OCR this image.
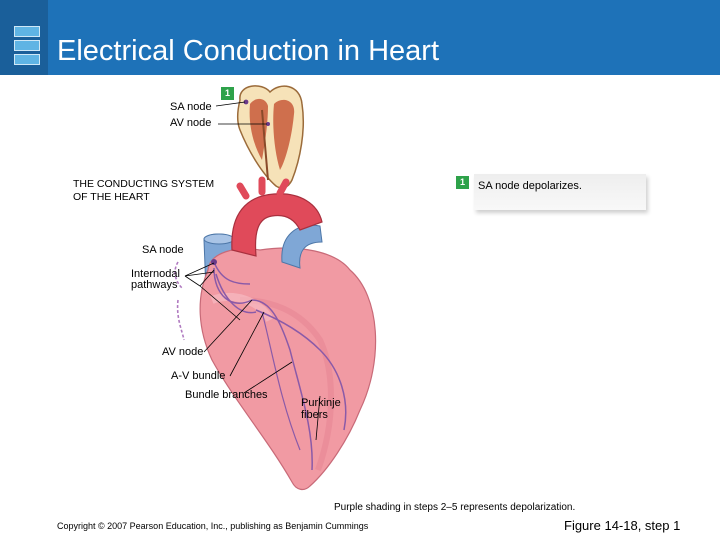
Electrical Conduction in Heart
1
SA node
AV node
THE CONDUCTING SYSTEM
OF THE HEART
1	SA node depolarizes.
SA node
Internodal
pathways
AV node
A-V bundle
Bundle branches
Purkinje
fibers
Purple shading in steps 2–5 represents depolarization.
Copyright © 2007 Pearson Education, Inc., publishing as Benjamin Cummings	Figure 14-18, step 1
